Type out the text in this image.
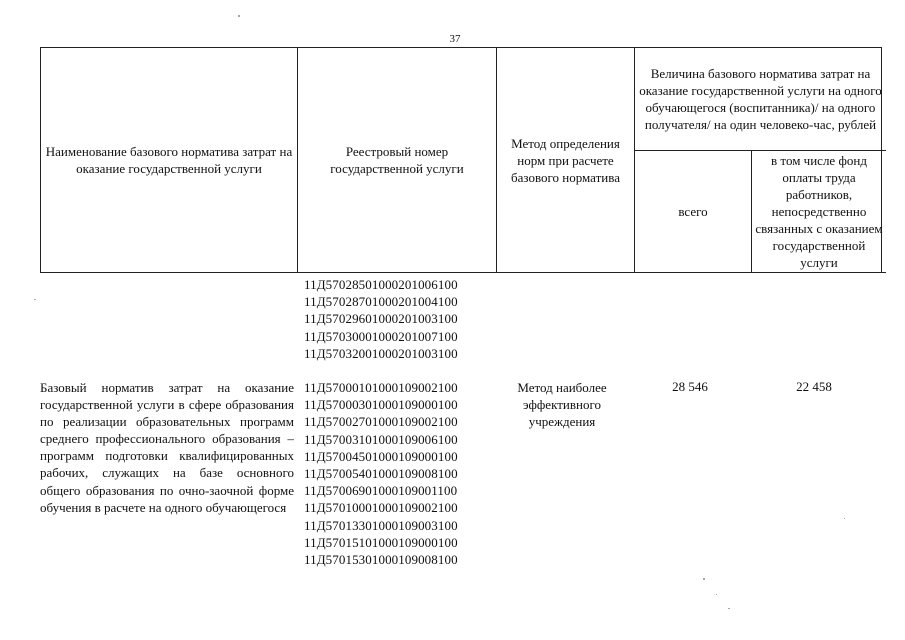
37
Наименование базового норматива затрат на оказание государственной услуги
Реестровый номер государственной услуги
Метод определения норм при расчете базового норматива
Величина базового норматива затрат на оказание государственной услуги на одного обучающегося (воспитанника)/ на одного получателя/ на один человеко-час, рублей
всего
в том числе фонд оплаты труда работников, непосредственно связанных с оказанием государственной услуги
11Д57028501000201006100
11Д57028701000201004100
11Д57029601000201003100
11Д57030001000201007100
11Д57032001000201003100
Базовый норматив затрат на оказание государственной услуги в сфере образования по реализации образовательных программ среднего профессионального образования – программ подготовки квалифицированных рабочих, служащих на базе основного общего образования по очно-заочной форме обучения в расчете на одного обучающегося
11Д57000101000109002100
11Д57000301000109000100
11Д57002701000109002100
11Д57003101000109006100
11Д57004501000109000100
11Д57005401000109008100
11Д57006901000109001100
11Д57010001000109002100
11Д57013301000109003100
11Д57015101000109000100
11Д57015301000109008100
Метод наиболее эффективного учреждения
28 546	22 458
